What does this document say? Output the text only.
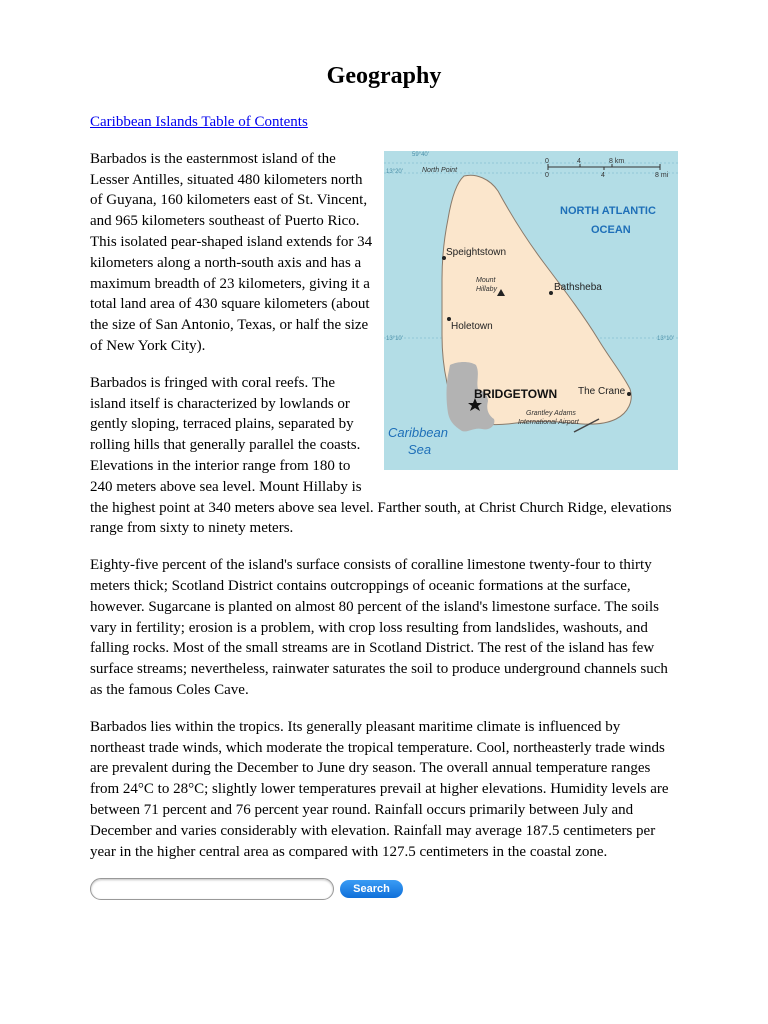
Geography
Caribbean Islands Table of Contents
59°40'
13°20'
13°10'	13°10'
0	4	8 km
0	4	8 mi
NORTH ATLANTIC
OCEAN
Caribbean
Sea
North Point
Speightstown
Mount
Hillaby	Bathsheba
Holetown
BRIDGETOWN The Crane
Grantley Adams
International Airport

Barbados is the easternmost island of the Lesser Antilles, situated 480 kilometers north of Guyana, 160 kilometers east of St. Vincent, and 965 kilometers southeast of Puerto Rico. This isolated pear-shaped island extends for 34 kilometers along a north-south axis and has a maximum breadth of 23 kilometers, giving it a total land area of 430 square kilometers (about the size of San Antonio, Texas, or half the size of New York City).

Barbados is fringed with coral reefs. The island itself is characterized by lowlands or gently sloping, terraced plains, separated by rolling hills that generally parallel the coasts. Elevations in the interior range from 180 to 240 meters above sea level. Mount Hillaby is the highest point at 340 meters above sea level. Farther south, at Christ Church Ridge, elevations range from sixty to ninety meters.

Eighty-five percent of the island's surface consists of coralline limestone twenty-four to thirty meters thick; Scotland District contains outcroppings of oceanic formations at the surface, however. Sugarcane is planted on almost 80 percent of the island's limestone surface. The soils vary in fertility; erosion is a problem, with crop loss resulting from landslides, washouts, and falling rocks. Most of the small streams are in Scotland District. The rest of the island has few surface streams; nevertheless, rainwater saturates the soil to produce underground channels such as the famous Coles Cave.

Barbados lies within the tropics. Its generally pleasant maritime climate is influenced by northeast trade winds, which moderate the tropical temperature. Cool, northeasterly trade winds are prevalent during the December to June dry season. The overall annual temperature ranges from 24°C to 28°C; slightly lower temperatures prevail at higher elevations. Humidity levels are between 71 percent and 76 percent year round. Rainfall occurs primarily between July and December and varies considerably with elevation. Rainfall may average 187.5 centimeters per year in the higher central area as compared with 127.5 centimeters in the coastal zone.

Search
